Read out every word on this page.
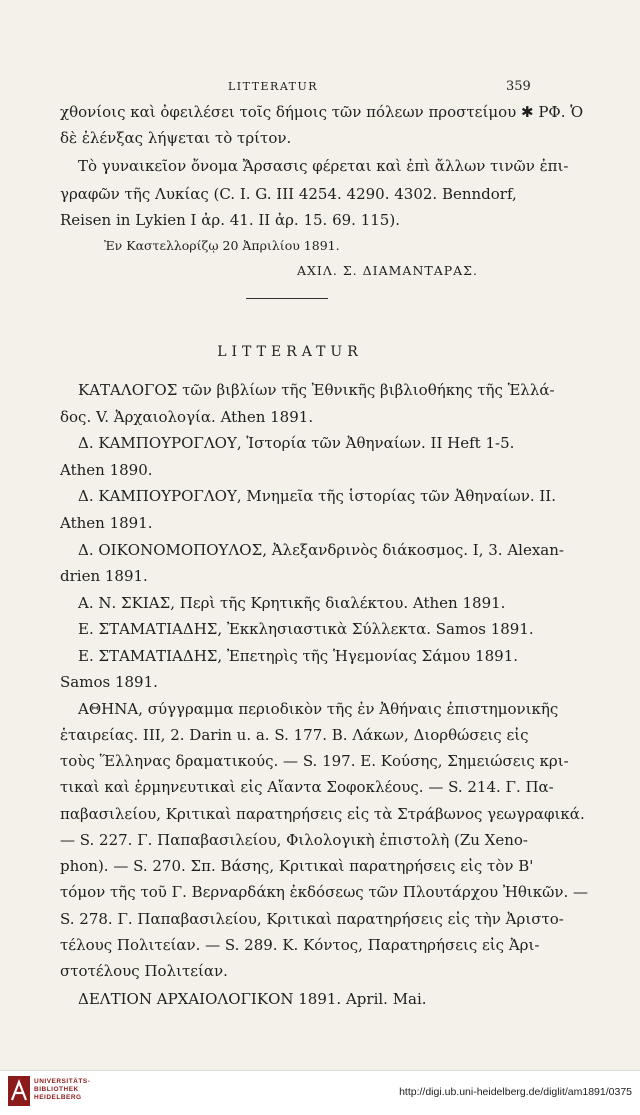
LITTERATUR	359
χθονίοις καὶ ὀφειλέσει τοῖς δήμοις τῶν πόλεων προστείμου ✱ ΡΦ. Ὁ
δὲ ἐλένξας λήψεται τὸ τρίτον.
Τὸ γυναικεῖον ὄνομα Ἄρσασις φέρεται καὶ ἐπὶ ἄλλων τινῶν ἐπι-
γραφῶν τῆς Λυκίας (C. I. G. III 4254. 4290. 4302. Benndorf,
Reisen in Lykien I ἀρ. 41. II ἀρ. 15. 69. 115).
Ἐν Καστελλορίζῳ 20 Ἀπριλίου 1891.
ΑΧΙΛ. Σ. ΔΙΑΜΑΝΤΑΡΑΣ.
LITTERATUR
ΚΑΤΑΛΟΓΟΣ τῶν βιβλίων τῆς Ἐθνικῆς βιβλιοθήκης τῆς Ἑλλά-
δος. V. Ἀρχαιολογία. Athen 1891.
Δ. ΚΑΜΠΟΥΡΟΓΛΟΥ, Ἱστορία τῶν Ἀθηναίων. II Heft 1-5.
Athen 1890.
Δ. ΚΑΜΠΟΥΡΟΓΛΟΥ, Μνημεῖα τῆς ἱστορίας τῶν Ἀθηναίων. II.
Athen 1891.
Δ. ΟΙΚΟΝΟΜΟΠΟΥΛΟΣ, Ἀλεξανδρινὸς διάκοσμος. I, 3. Alexan-
drien 1891.
Α. Ν. ΣΚΙΑΣ, Περὶ τῆς Κρητικῆς διαλέκτου. Athen 1891.
Ε. ΣΤΑΜΑΤΙΑΔΗΣ, Ἐκκλησιαστικὰ Σύλλεκτα. Samos 1891.
Ε. ΣΤΑΜΑΤΙΑΔΗΣ, Ἐπετηρὶς τῆς Ἡγεμονίας Σάμου 1891.
Samos 1891.
ΑΘΗΝΑ, σύγγραμμα περιοδικὸν τῆς ἐν Ἀθήναις ἐπιστημονικῆς
ἑταιρείας. III, 2. Darin u. a. S. 177. Β. Λάκων, Διορθώσεις εἰς
τοὺς Ἕλληνας δραματικούς. — S. 197. Ε. Κούσης, Σημειώσεις κρι-
τικαὶ καὶ ἑρμηνευτικαὶ εἰς Αἴαντα Σοφοκλέους. — S. 214. Γ. Πα-
παβασιλείου, Κριτικαὶ παρατηρήσεις εἰς τὰ Στράβωνος γεωγραφικά.
— S. 227. Γ. Παπαβασιλείου, Φιλολογικὴ ἐπιστολὴ (Zu Xeno-
phon). — S. 270. Σπ. Βάσης, Κριτικαὶ παρατηρήσεις εἰς τὸν Β'
τόμον τῆς τοῦ Γ. Βερναρδάκη ἐκδόσεως τῶν Πλουτάρχου Ἠθικῶν. —
S. 278. Γ. Παπαβασιλείου, Κριτικαὶ παρατηρήσεις εἰς τὴν Ἀριστο-
τέλους Πολιτείαν. — S. 289. Κ. Κόντος, Παρατηρήσεις εἰς Ἀρι-
στοτέλους Πολιτείαν.
ΔΕΛΤΙΟΝ ΑΡΧΑΙΟΛΟΓΙΚΟΝ 1891. April. Mai.
UNIVERSITÄTS-
BIBLIOTHEK
HEIDELBERG	http://digi.ub.uni-heidelberg.de/diglit/am1891/0375
